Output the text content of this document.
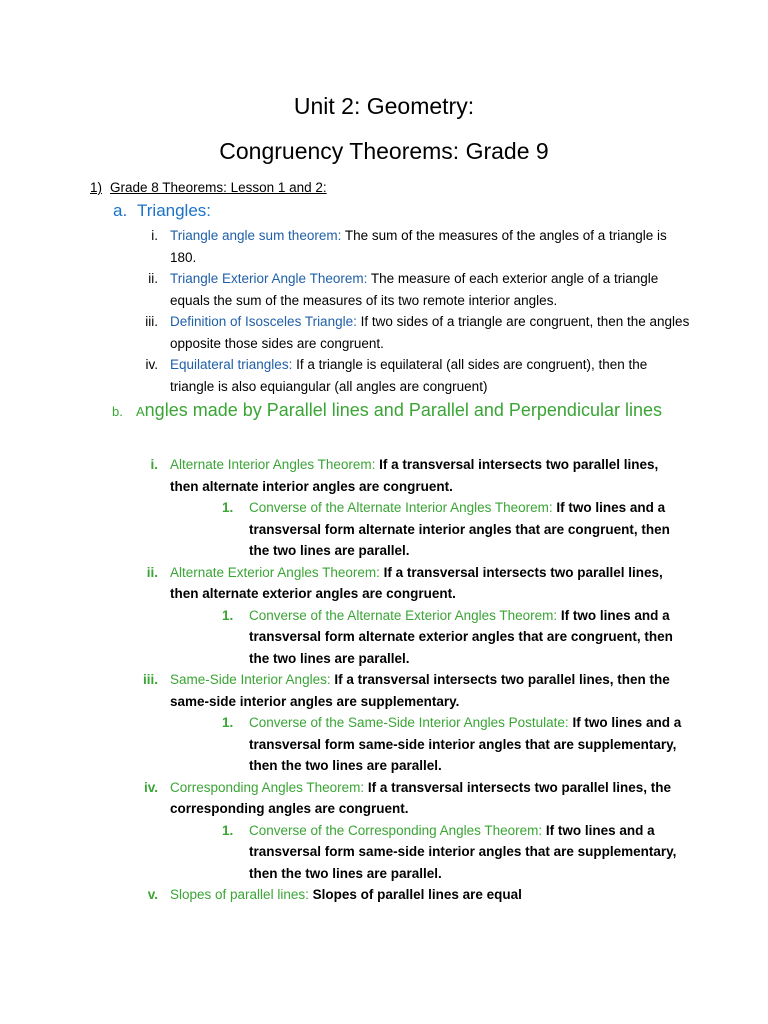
Unit 2: Geometry:
Congruency Theorems: Grade 9
1) Grade 8 Theorems: Lesson 1 and 2:
a. Triangles:
i. Triangle angle sum theorem: The sum of the measures of the angles of a triangle is 180.
ii. Triangle Exterior Angle Theorem: The measure of each exterior angle of a triangle equals the sum of the measures of its two remote interior angles.
iii. Definition of Isosceles Triangle: If two sides of a triangle are congruent, then the angles opposite those sides are congruent.
iv. Equilateral triangles: If a triangle is equilateral (all sides are congruent), then the triangle is also equiangular (all angles are congruent)
b.	Angles made by Parallel lines and Parallel and Perpendicular lines
i. Alternate Interior Angles Theorem: If a transversal intersects two parallel lines, then alternate interior angles are congruent.
1. Converse of the Alternate Interior Angles Theorem: If two lines and a transversal form alternate interior angles that are congruent, then the two lines are parallel.
ii. Alternate Exterior Angles Theorem: If a transversal intersects two parallel lines, then alternate exterior angles are congruent.
1. Converse of the Alternate Exterior Angles Theorem: If two lines and a transversal form alternate exterior angles that are congruent, then the two lines are parallel.
iii. Same-Side Interior Angles: If a transversal intersects two parallel lines, then the same-side interior angles are supplementary.
1. Converse of the Same-Side Interior Angles Postulate: If two lines and a transversal form same-side interior angles that are supplementary, then the two lines are parallel.
iv. Corresponding Angles Theorem: If a transversal intersects two parallel lines, the corresponding angles are congruent.
1. Converse of the Corresponding Angles Theorem: If two lines and a transversal form same-side interior angles that are supplementary, then the two lines are parallel.
v. Slopes of parallel lines: Slopes of parallel lines are equal
